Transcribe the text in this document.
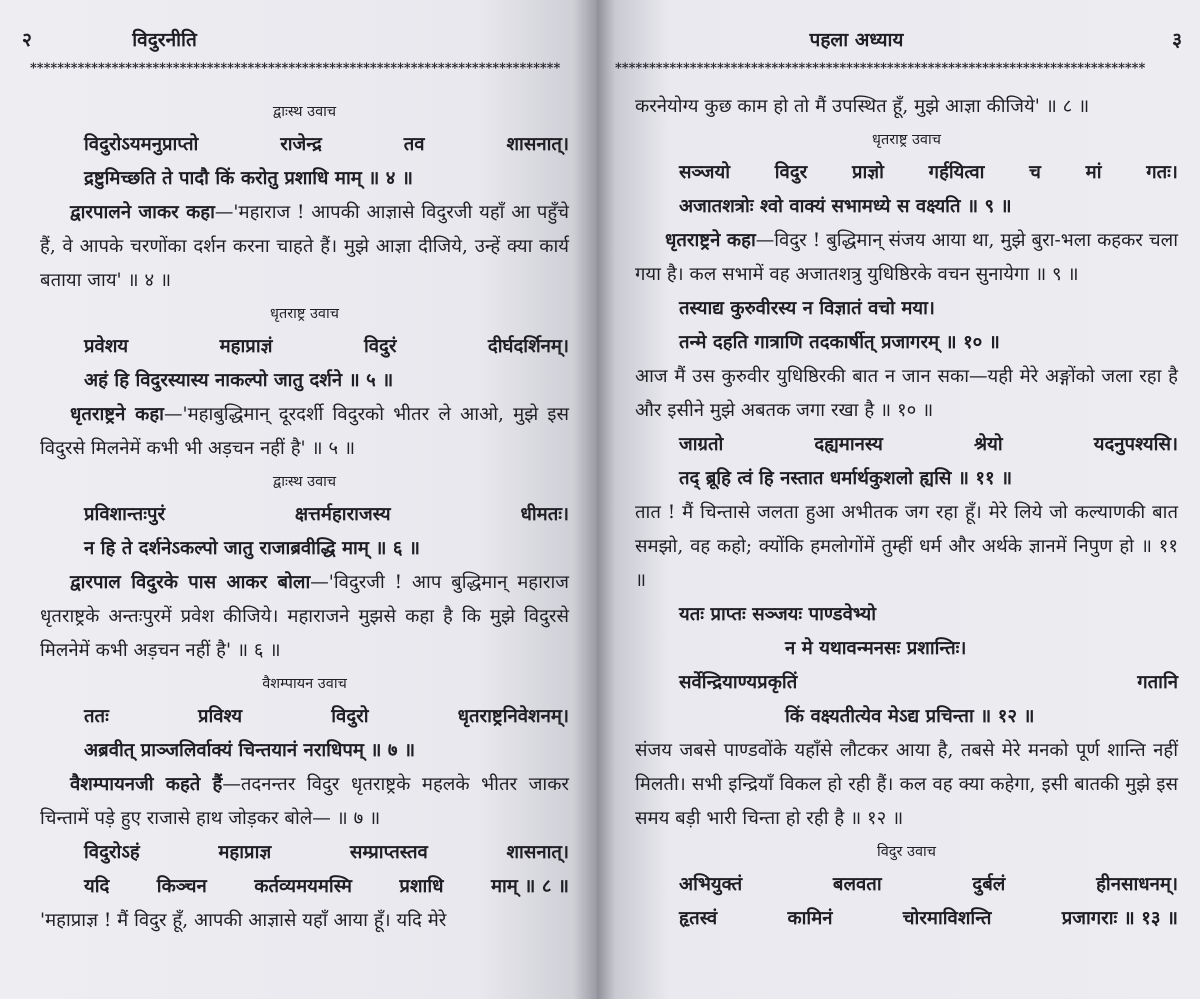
२	विदुरनीति
******************************************************************************
द्वाःस्थ उवाच
विदुरोऽयमनुप्राप्तो	राजेन्द्र	तव	शासनात्।
द्रष्टुमिच्छति ते पादौ किं करोतु प्रशाधि माम् ॥ ४ ॥
द्वारपालने जाकर कहा—'महाराज ! आपकी आज्ञासे विदुरजी यहाँ आ पहुँचे हैं, वे आपके चरणोंका दर्शन करना चाहते हैं। मुझे आज्ञा दीजिये, उन्हें क्या कार्य बताया जाय' ॥ ४ ॥
धृतराष्ट्र उवाच
प्रवेशय	महाप्राज्ञं	विदुरं	दीर्घदर्शिनम्।
अहं हि विदुरस्यास्य नाकल्पो जातु दर्शने ॥ ५ ॥
धृतराष्ट्रने कहा—'महाबुद्धिमान् दूरदर्शी विदुरको भीतर ले आओ, मुझे इस विदुरसे मिलनेमें कभी भी अड़चन नहीं है' ॥ ५ ॥
द्वाःस्थ उवाच
प्रविशान्तःपुरं	क्षत्तर्महाराजस्य	धीमतः।
न हि ते दर्शनेऽकल्पो जातु राजाब्रवीद्धि माम् ॥ ६ ॥
द्वारपाल विदुरके पास आकर बोला—'विदुरजी ! आप बुद्धिमान् महाराज धृतराष्ट्रके अन्तःपुरमें प्रवेश कीजिये। महाराजने मुझसे कहा है कि मुझे विदुरसे मिलनेमें कभी अड़चन नहीं है' ॥ ६ ॥
वैशम्पायन उवाच
ततः	प्रविश्य	विदुरो	धृतराष्ट्रनिवेशनम्।
अब्रवीत् प्राञ्जलिर्वाक्यं चिन्तयानं नराधिपम् ॥ ७ ॥
वैशम्पायनजी कहते हैं—तदनन्तर विदुर धृतराष्ट्रके महलके भीतर जाकर चिन्तामें पड़े हुए राजासे हाथ जोड़कर बोले— ॥ ७ ॥
विदुरोऽहं	महाप्राज्ञ	सम्प्राप्तस्तव	शासनात्।
यदि	किञ्चन	कर्तव्यमयमस्मि	प्रशाधि	माम् ॥ ८ ॥
'महाप्राज्ञ ! मैं विदुर हूँ, आपकी आज्ञासे यहाँ आया हूँ। यदि मेरे
पहला अध्याय	३
******************************************************************************
करनेयोग्य कुछ काम हो तो मैं उपस्थित हूँ, मुझे आज्ञा कीजिये' ॥ ८ ॥
धृतराष्ट्र उवाच
सञ्जयो विदुर प्राज्ञो गर्हयित्वा च मां गतः।
अजातशत्रोः श्वो वाक्यं सभामध्ये स वक्ष्यति ॥ ९ ॥
धृतराष्ट्रने कहा—विदुर ! बुद्धिमान् संजय आया था, मुझे बुरा-भला कहकर चला गया है। कल सभामें वह अजातशत्रु युधिष्ठिरके वचन सुनायेगा ॥ ९ ॥
तस्याद्य कुरुवीरस्य न विज्ञातं वचो मया।
तन्मे दहति गात्राणि तदकार्षीत् प्रजागरम् ॥ १० ॥
आज मैं उस कुरुवीर युधिष्ठिरकी बात न जान सका—यही मेरे अङ्गोंको जला रहा है और इसीने मुझे अबतक जगा रखा है ॥ १० ॥
जाग्रतो	दह्यमानस्य	श्रेयो	यदनुपश्यसि।
तद् ब्रूहि त्वं हि नस्तात धर्मार्थकुशलो ह्यसि ॥ ११ ॥
तात ! मैं चिन्तासे जलता हुआ अभीतक जग रहा हूँ। मेरे लिये जो कल्याणकी बात समझो, वह कहो; क्योंकि हमलोगोंमें तुम्हीं धर्म और अर्थके ज्ञानमें निपुण हो ॥ ११ ॥
यतः प्राप्तः सञ्जयः पाण्डवेभ्यो
न मे यथावन्मनसः प्रशान्तिः।
सर्वेन्द्रियाण्यप्रकृतिं	गतानि
किं वक्ष्यतीत्येव मेऽद्य प्रचिन्ता ॥ १२ ॥
संजय जबसे पाण्डवोंके यहाँसे लौटकर आया है, तबसे मेरे मनको पूर्ण शान्ति नहीं मिलती। सभी इन्द्रियाँ विकल हो रही हैं। कल वह क्या कहेगा, इसी बातकी मुझे इस समय बड़ी भारी चिन्ता हो रही है ॥ १२ ॥
विदुर उवाच
अभियुक्तं	बलवता	दुर्बलं	हीनसाधनम्।
हृतस्वं	कामिनं	चोरमाविशन्ति	प्रजागराः ॥ १३ ॥
